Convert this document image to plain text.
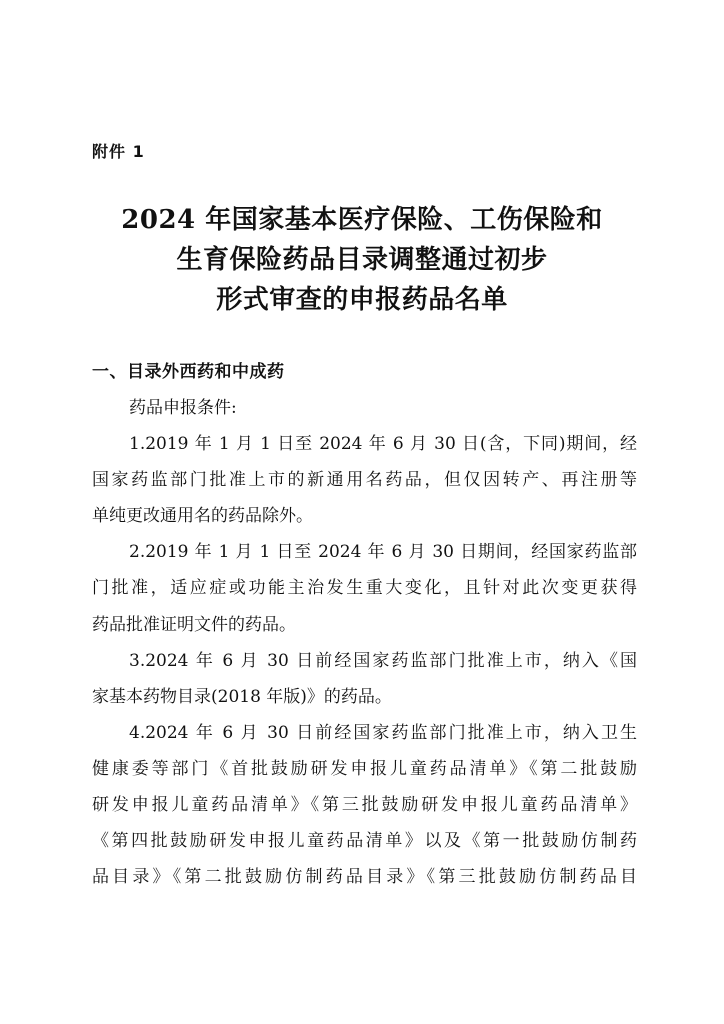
附件 1
2024 年国家基本医疗保险、工伤保险和
生育保险药品目录调整通过初步
形式审查的申报药品名单
一、目录外西药和中成药
药品申报条件:
1.2019 年 1 月 1 日至 2024 年 6 月 30 日(含，下同)期间，经
国家药监部门批准上市的新通用名药品，但仅因转产、再注册等
单纯更改通用名的药品除外。
2.2019 年 1 月 1 日至 2024 年 6 月 30 日期间，经国家药监部
门批准，适应症或功能主治发生重大变化，且针对此次变更获得
药品批准证明文件的药品。
3.2024 年 6 月 30 日前经国家药监部门批准上市，纳入《国
家基本药物目录(2018 年版)》的药品。
4.2024 年 6 月 30 日前经国家药监部门批准上市，纳入卫生
健康委等部门《首批鼓励研发申报儿童药品清单》《第二批鼓励
研发申报儿童药品清单》《第三批鼓励研发申报儿童药品清单》
《第四批鼓励研发申报儿童药品清单》以及《第一批鼓励仿制药
品目录》《第二批鼓励仿制药品目录》《第三批鼓励仿制药品目
